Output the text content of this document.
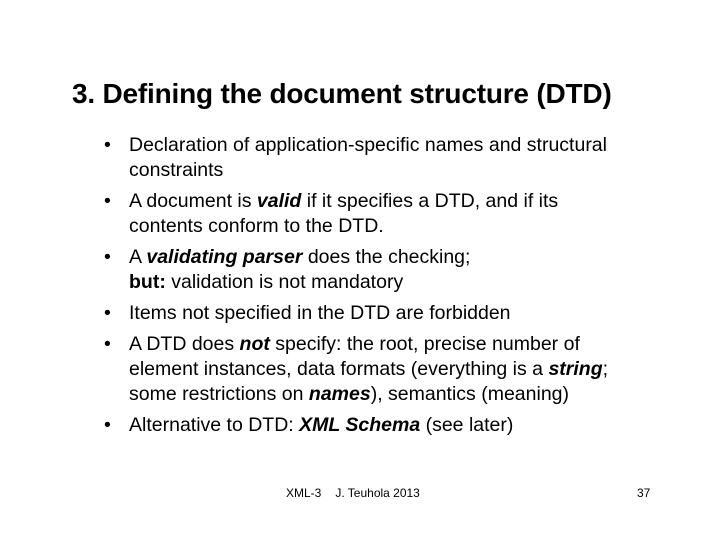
3. Defining the document structure (DTD)
• Declaration of application-specific names and structural
constraints
• A document is valid if it specifies a DTD, and if its
contents conform to the DTD.
• A validating parser does the checking;
but: validation is not mandatory
• Items not specified in the DTD are forbidden
• A DTD does not specify: the root, precise number of
element instances, data formats (everything is a string;
some restrictions on names), semantics (meaning)
• Alternative to DTD: XML Schema (see later)
XML-3 J. Teuhola 2013	37
